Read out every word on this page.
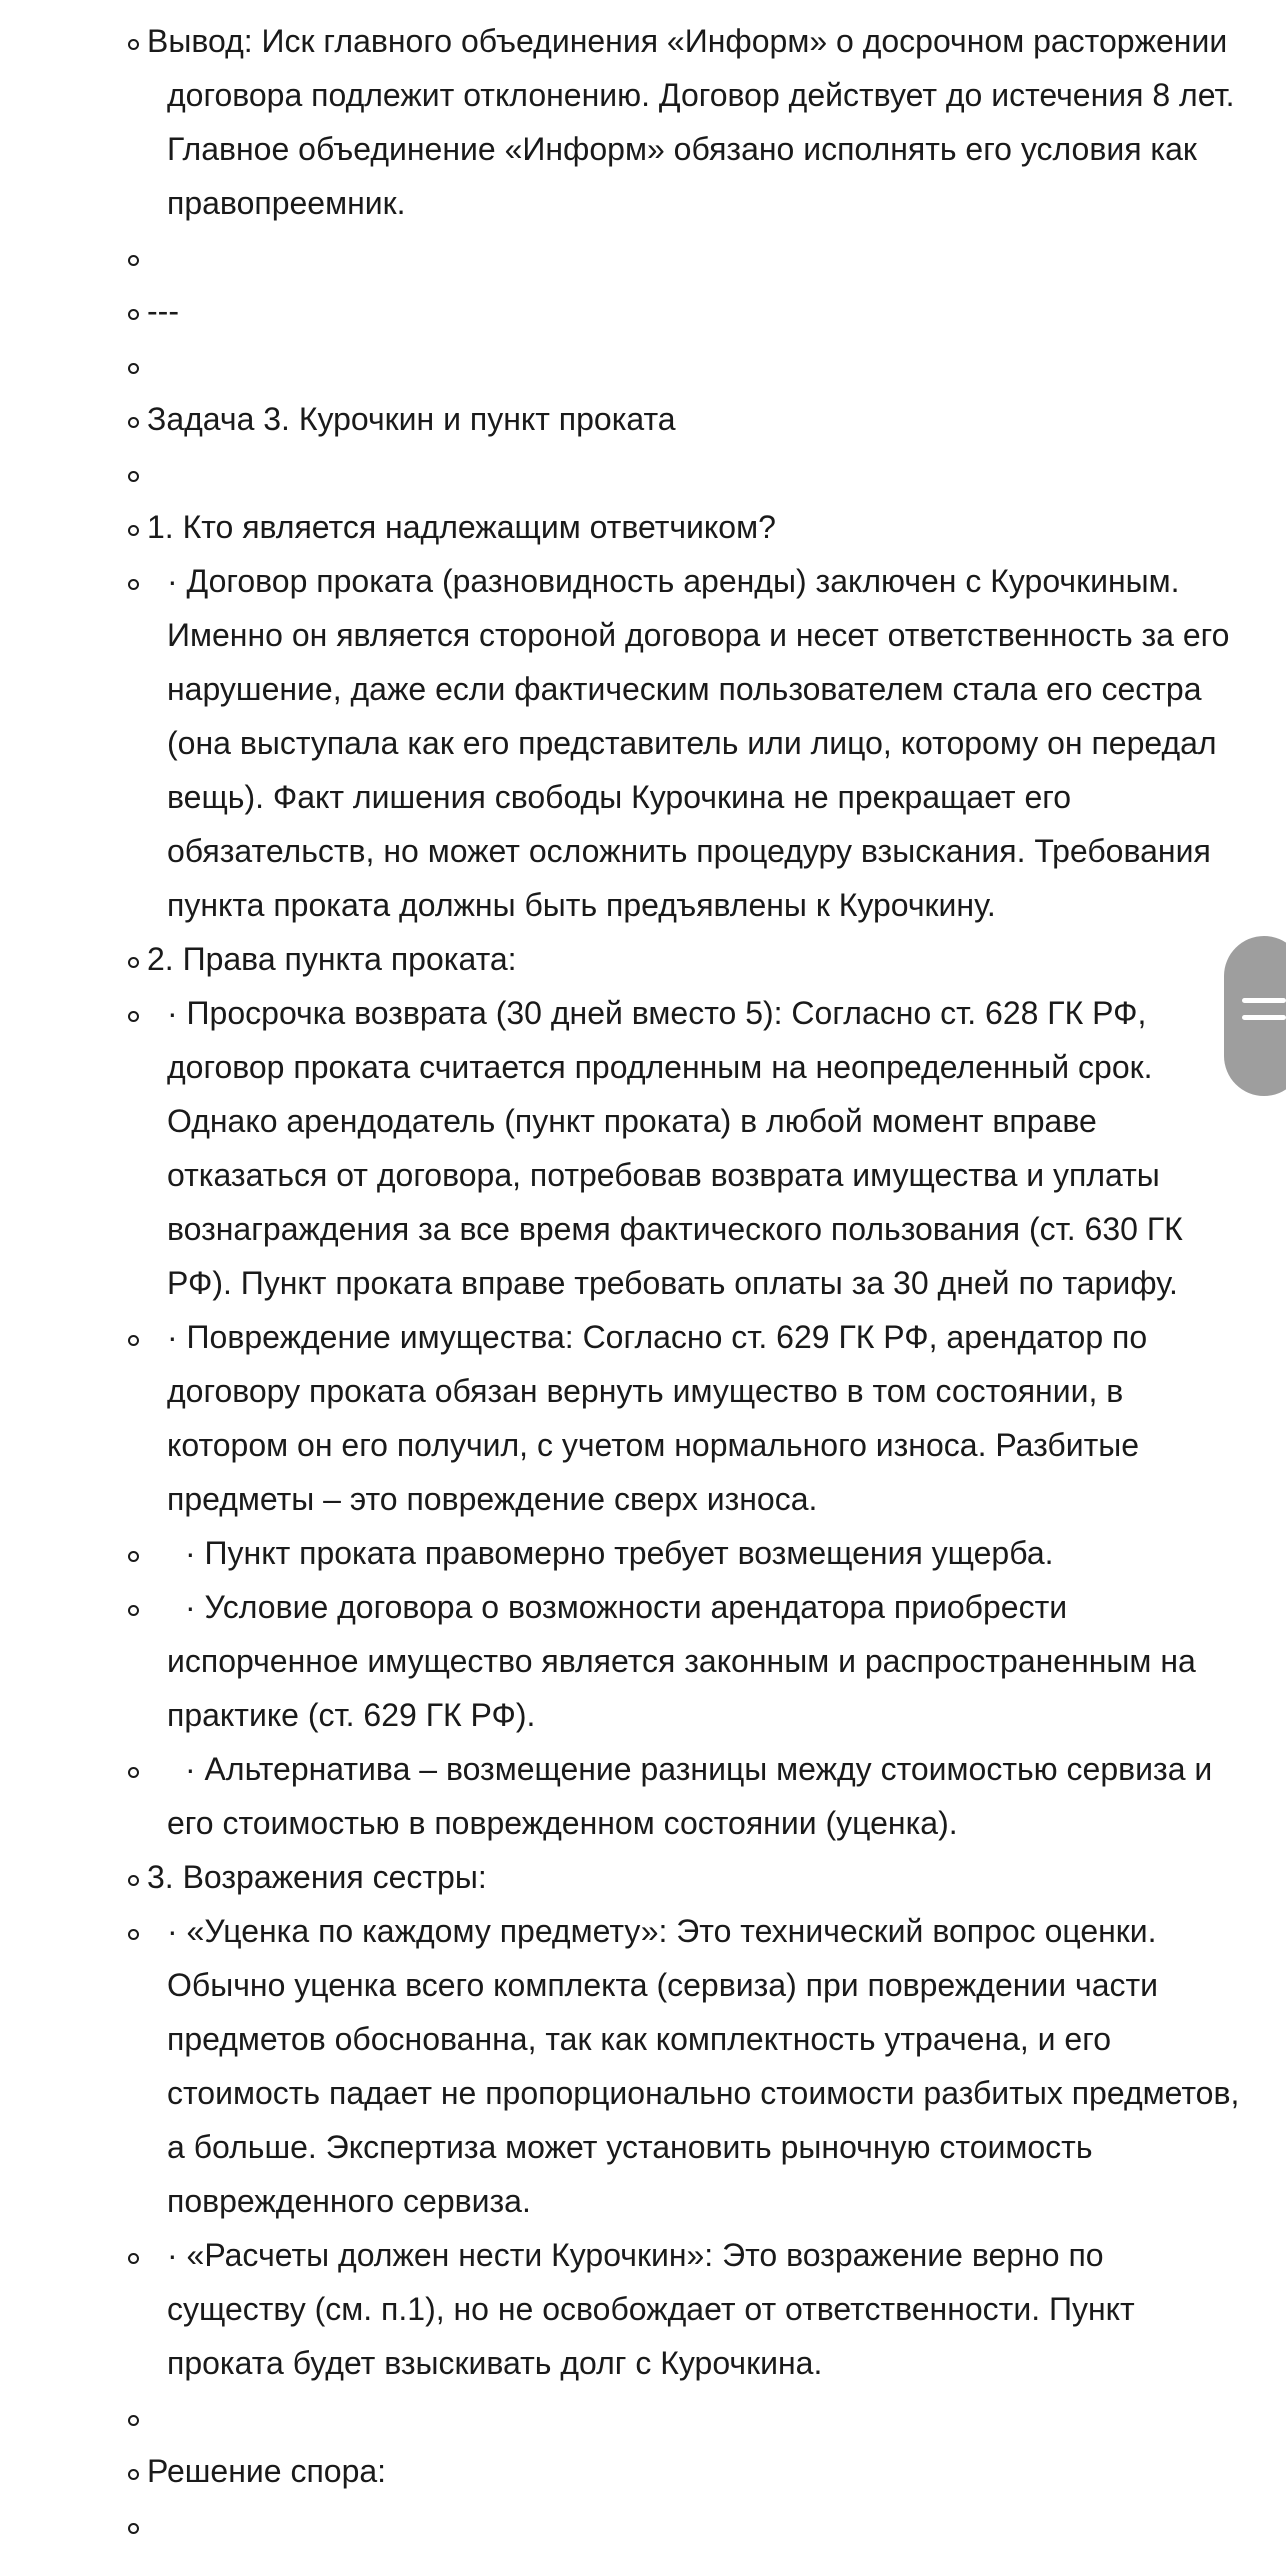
Вывод: Иск главного объединения «Информ» о досрочном расторжении договора подлежит отклонению. Договор действует до истечения 8 лет. Главное объединение «Информ» обязано исполнять его условия как правопреемник.
---
Задача 3. Курочкин и пункт проката
1. Кто является надлежащим ответчиком?
· Договор проката (разновидность аренды) заключен с Курочкиным. Именно он является стороной договора и несет ответственность за его нарушение, даже если фактическим пользователем стала его сестра (она выступала как его представитель или лицо, которому он передал вещь). Факт лишения свободы Курочкина не прекращает его обязательств, но может осложнить процедуру взыскания. Требования пункта проката должны быть предъявлены к Курочкину.
2. Права пункта проката:
· Просрочка возврата (30 дней вместо 5): Согласно ст. 628 ГК РФ, договор проката считается продленным на неопределенный срок. Однако арендодатель (пункт проката) в любой момент вправе отказаться от договора, потребовав возврата имущества и уплаты вознаграждения за все время фактического пользования (ст. 630 ГК РФ). Пункт проката вправе требовать оплаты за 30 дней по тарифу.
· Повреждение имущества: Согласно ст. 629 ГК РФ, арендатор по договору проката обязан вернуть имущество в том состоянии, в котором он его получил, с учетом нормального износа. Разбитые предметы – это повреждение сверх износа.
· Пункт проката правомерно требует возмещения ущерба.
· Условие договора о возможности арендатора приобрести испорченное имущество является законным и распространенным на практике (ст. 629 ГК РФ).
· Альтернатива – возмещение разницы между стоимостью сервиза и его стоимостью в поврежденном состоянии (уценка).
3. Возражения сестры:
· «Уценка по каждому предмету»: Это технический вопрос оценки. Обычно уценка всего комплекта (сервиза) при повреждении части предметов обоснованна, так как комплектность утрачена, и его стоимость падает не пропорционально стоимости разбитых предметов, а больше. Экспертиза может установить рыночную стоимость поврежденного сервиза.
· «Расчеты должен нести Курочкин»: Это возражение верно по существу (см. п.1), но не освобождает от ответственности. Пункт проката будет взыскивать долг с Курочкина.
Решение спора:
